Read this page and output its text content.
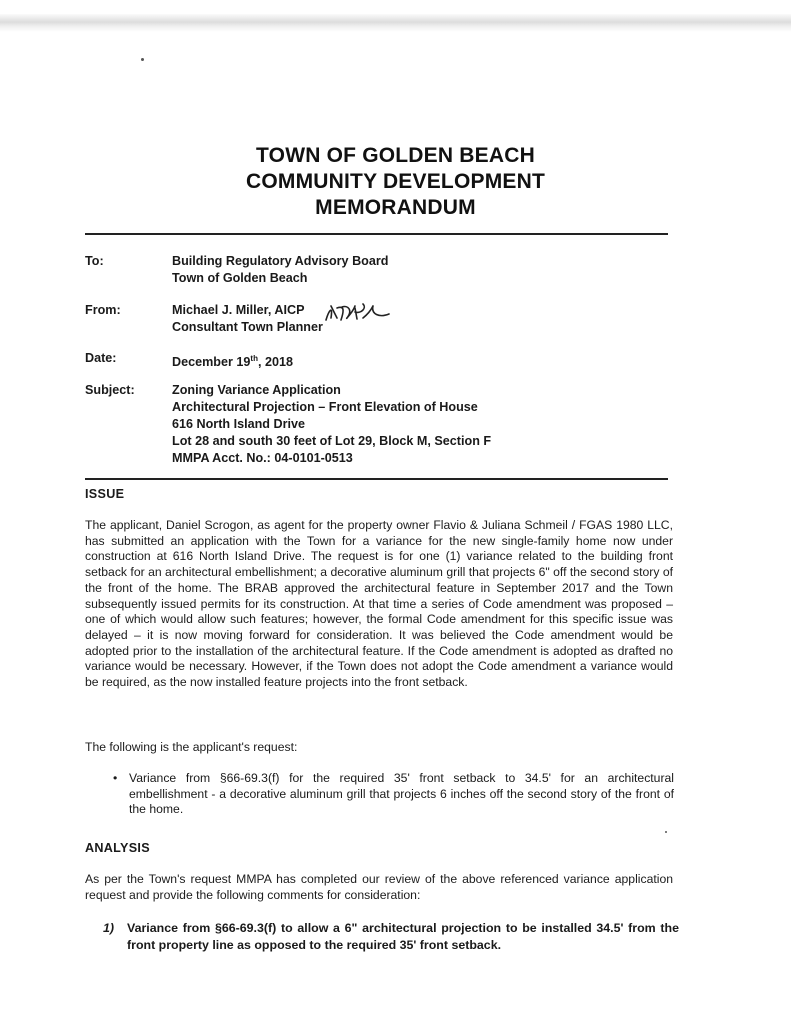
TOWN OF GOLDEN BEACH
COMMUNITY DEVELOPMENT
MEMORANDUM
To:	Building Regulatory Advisory Board
Town of Golden Beach
From:	Michael J. Miller, AICP
Consultant Town Planner
Date:	December 19th, 2018
Subject:	Zoning Variance Application
Architectural Projection – Front Elevation of House
616 North Island Drive
Lot 28 and south 30 feet of Lot 29, Block M, Section F
MMPA Acct. No.: 04-0101-0513
ISSUE
The applicant, Daniel Scrogon, as agent for the property owner Flavio & Juliana Schmeil / FGAS 1980 LLC, has submitted an application with the Town for a variance for the new single-family home now under construction at 616 North Island Drive. The request is for one (1) variance related to the building front setback for an architectural embellishment; a decorative aluminum grill that projects 6" off the second story of the front of the home. The BRAB approved the architectural feature in September 2017 and the Town subsequently issued permits for its construction. At that time a series of Code amendment was proposed – one of which would allow such features; however, the formal Code amendment for this specific issue was delayed – it is now moving forward for consideration. It was believed the Code amendment would be adopted prior to the installation of the architectural feature. If the Code amendment is adopted as drafted no variance would be necessary. However, if the Town does not adopt the Code amendment a variance would be required, as the now installed feature projects into the front setback.
The following is the applicant's request:
• Variance from §66-69.3(f) for the required 35' front setback to 34.5' for an architectural embellishment - a decorative aluminum grill that projects 6 inches off the second story of the front of the home.
ANALYSIS
As per the Town's request MMPA has completed our review of the above referenced variance application request and provide the following comments for consideration:
1) Variance from §66-69.3(f) to allow a 6" architectural projection to be installed 34.5' from the front property line as opposed to the required 35' front setback.
